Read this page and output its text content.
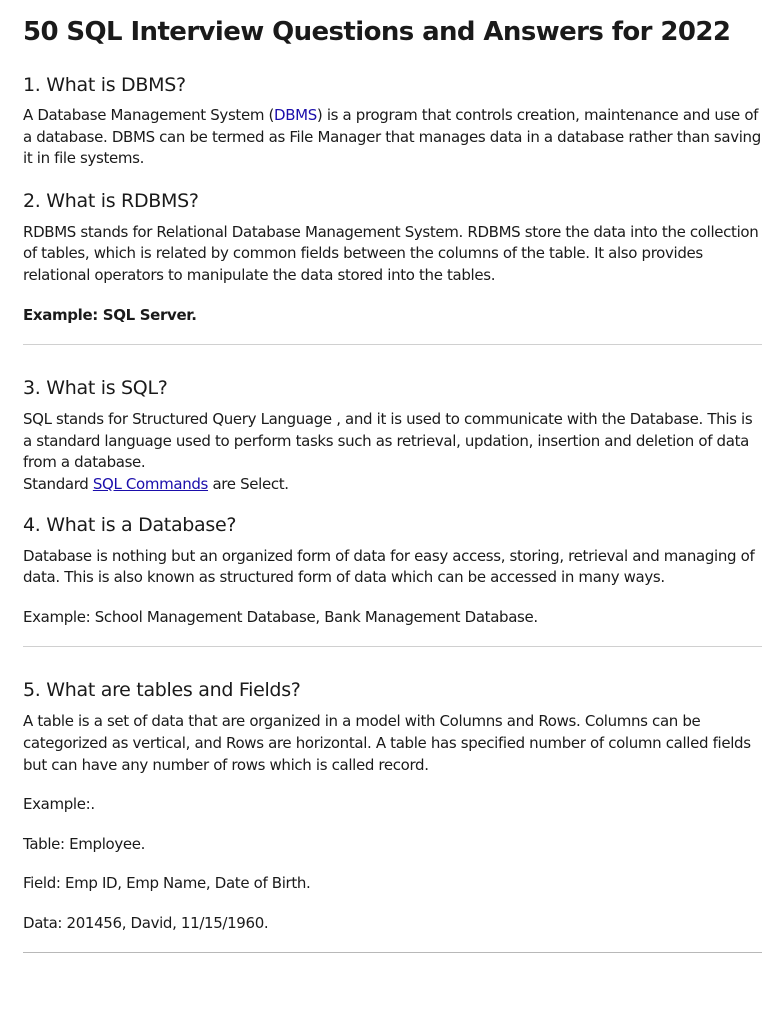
50 SQL Interview Questions and Answers for 2022
1. What is DBMS?

A Database Management System (DBMS) is a program that controls creation, maintenance and use of a database. DBMS can be termed as File Manager that manages data in a database rather than saving it in file systems.

2. What is RDBMS?

RDBMS stands for Relational Database Management System. RDBMS store the data into the collection of tables, which is related by common fields between the columns of the table. It also provides relational operators to manipulate the data stored into the tables.

Example: SQL Server.

3. What is SQL?

SQL stands for Structured Query Language , and it is used to communicate with the Database. This is a standard language used to perform tasks such as retrieval, updation, insertion and deletion of data from a database.

Standard SQL Commands are Select.

4. What is a Database?

Database is nothing but an organized form of data for easy access, storing, retrieval and managing of data. This is also known as structured form of data which can be accessed in many ways.

Example: School Management Database, Bank Management Database.

5. What are tables and Fields?

A table is a set of data that are organized in a model with Columns and Rows. Columns can be categorized as vertical, and Rows are horizontal. A table has specified number of column called fields but can have any number of rows which is called record.

Example:.

Table: Employee.

Field: Emp ID, Emp Name, Date of Birth.

Data: 201456, David, 11/15/1960.
